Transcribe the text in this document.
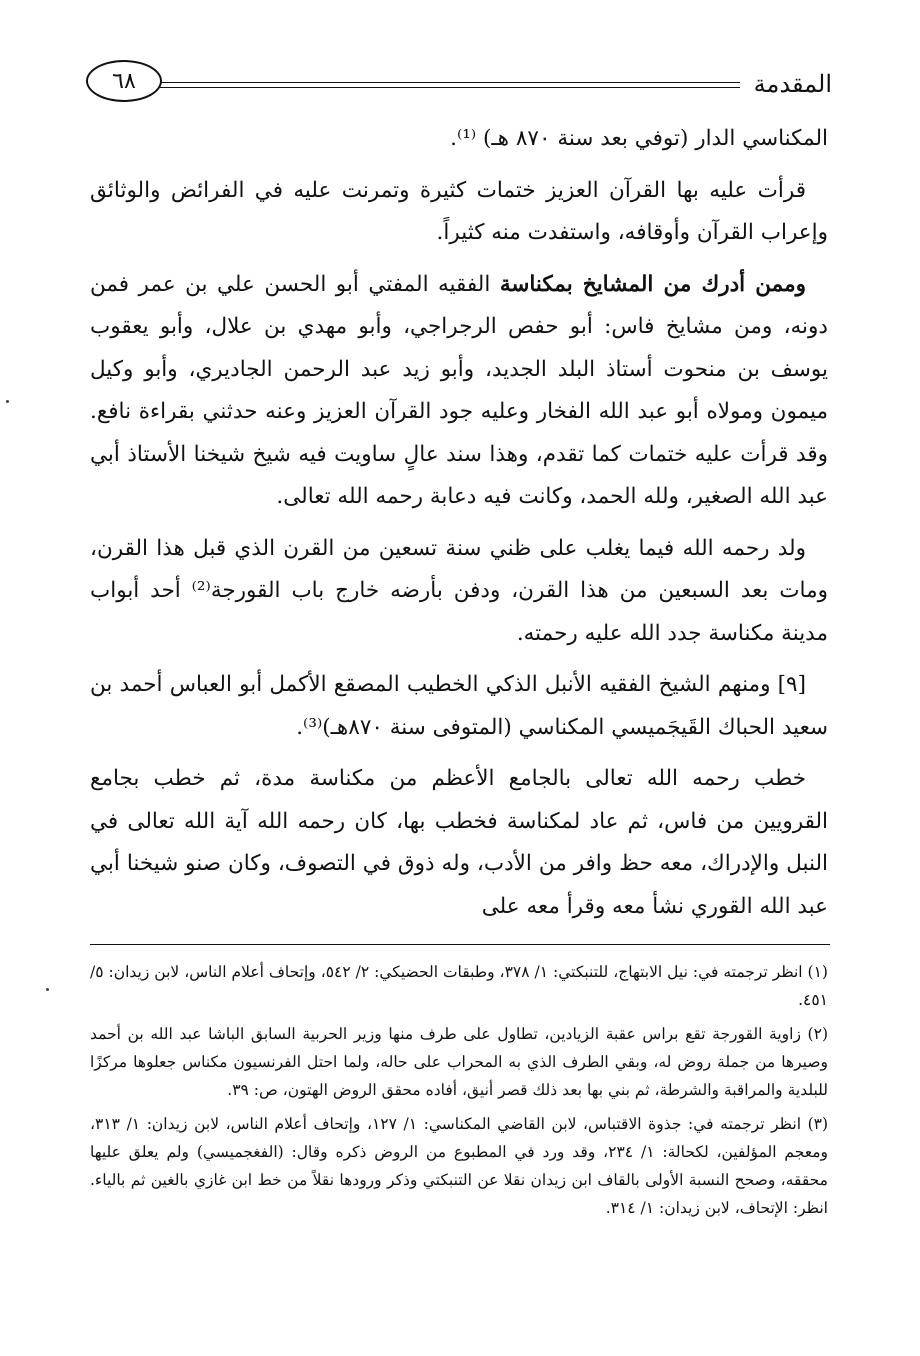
٦٨	المقدمة

المكناسي الدار (توفي بعد سنة ٨٧٠ هـ) ⁽¹⁾.

قرأت عليه بها القرآن العزيز ختمات كثيرة وتمرنت عليه في الفرائض والوثائق وإعراب القرآن وأوقافه، واستفدت منه كثيراً.

وممن أدرك من المشايخ بمكناسة الفقيه المفتي أبو الحسن علي بن عمر فمن دونه، ومن مشايخ فاس: أبو حفص الرجراجي، وأبو مهدي بن علال، وأبو يعقوب يوسف بن منحوت أستاذ البلد الجديد، وأبو زيد عبد الرحمن الجاديري، وأبو وكيل ميمون ومولاه أبو عبد الله الفخار وعليه جود القرآن العزيز وعنه حدثني بقراءة نافع. وقد قرأت عليه ختمات كما تقدم، وهذا سند عالٍ ساويت فيه شيخ شيخنا الأستاذ أبي عبد الله الصغير، ولله الحمد، وكانت فيه دعابة رحمه الله تعالى.

ولد رحمه الله فيما يغلب على ظني سنة تسعين من القرن الذي قبل هذا القرن، ومات بعد السبعين من هذا القرن، ودفن بأرضه خارج باب القورجة⁽²⁾ أحد أبواب مدينة مكناسة جدد الله عليه رحمته.

[٩] ومنهم الشيخ الفقيه الأنبل الذكي الخطيب المصقع الأكمل أبو العباس أحمد بن سعيد الحباك القَيجَميسي المكناسي (المتوفى سنة ٨٧٠هـ)⁽³⁾.

خطب رحمه الله تعالى بالجامع الأعظم من مكناسة مدة، ثم خطب بجامع القرويين من فاس، ثم عاد لمكناسة فخطب بها، كان رحمه الله آية الله تعالى في النبل والإدراك، معه حظ وافر من الأدب، وله ذوق في التصوف، وكان صنو شيخنا أبي عبد الله القوري نشأ معه وقرأ معه على

(١) انظر ترجمته في: نيل الابتهاج، للتنبكتي: ١/ ٣٧٨، وطبقات الحضيكي: ٢/ ٥٤٢، وإتحاف أعلام الناس، لابن زيدان: ٥/ ٤٥١.

(٢) زاوية القورجة تقع براس عقبة الزيادين، تطاول على طرف منها وزير الحربية السابق الباشا عبد الله بن أحمد وصيرها من جملة روض له، وبقي الطرف الذي به المحراب على حاله، ولما احتل الفرنسيون مكناس جعلوها مركزًا للبلدية والمراقبة والشرطة، ثم بني بها بعد ذلك قصر أنيق، أفاده محقق الروض الهتون، ص: ٣٩.

(٣) انظر ترجمته في: جذوة الاقتباس، لابن القاضي المكناسي: ١/ ١٢٧، وإتحاف أعلام الناس، لابن زيدان: ١/ ٣١٣، ومعجم المؤلفين، لكحالة: ١/ ٢٣٤، وقد ورد في المطبوع من الروض ذكره وقال: (الفغجميسي) ولم يعلق عليها محققه، وصحح النسبة الأولى بالقاف ابن زيدان نقلا عن التنبكتي وذكر ورودها نقلاً من خط ابن غازي بالغين ثم بالياء. انظر: الإتحاف، لابن زيدان: ١/ ٣١٤.
